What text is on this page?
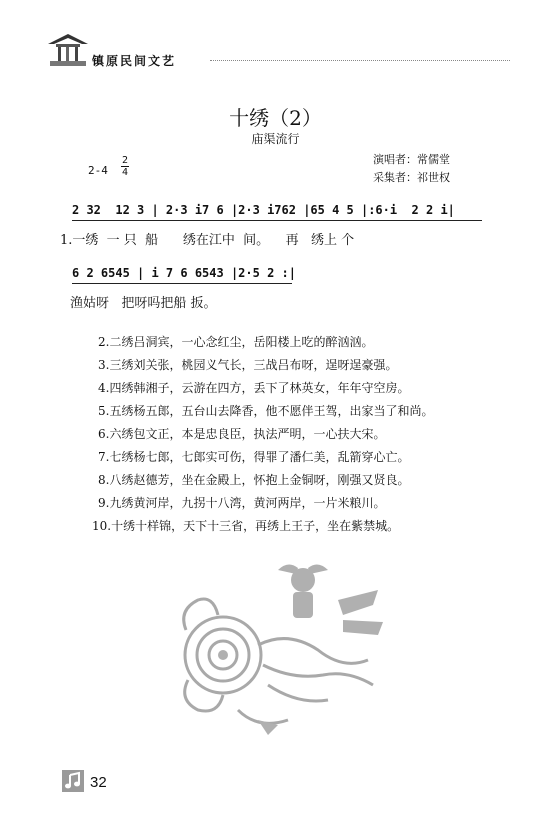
镇原民间文艺
十绣（2）
庙渠流行
演唱者：常儒堂
采集者：祁世权
2-4
2
4
2 32  12 3 | 2·3 i7 6 |2·3 i762 |65 4 5 |:6·i  2 2 i|
1.一绣  一 只  船      绣在江中  间。    再   绣上 个
6 2 6545 | i 7 6 6543 |2·5 2 :|
渔姑呀   把呀吗把船 扳。
2.二绣吕洞宾，一心念红尘，岳阳楼上吃的醉汹汹。
3.三绣刘关张，桃园义气长，三战吕布呀，逞呀逞豪强。
4.四绣韩湘子，云游在四方，丢下了林英女，年年守空房。
5.五绣杨五郎，五台山去降香，他不愿伴王驾，出家当了和尚。
6.六绣包文正，本是忠良臣，执法严明，一心扶大宋。
7.七绣杨七郎，七郎实可伤，得罪了潘仁美，乱箭穿心亡。
8.八绣赵德芳，坐在金殿上，怀抱上金铜呀，刚强又贤良。
9.九绣黄河岸，九拐十八湾，黄河两岸，一片米粮川。
10.十绣十样锦，天下十三省，再绣上王子，坐在紫禁城。
32
